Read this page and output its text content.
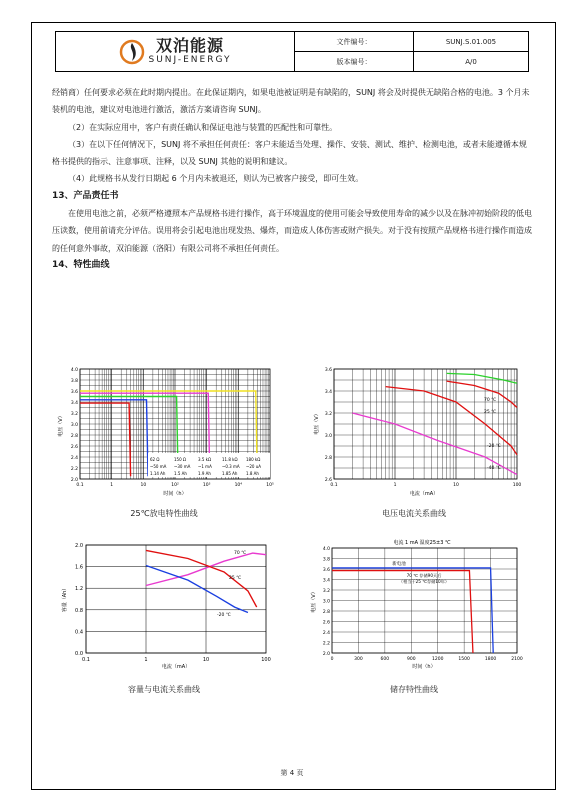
双泊能源
SUNJ-ENERGY	文件编号：	SUNJ.S.01.005
	版本编号：	A/0

经销商）任何要求必须在此时期内提出。在此保证期内，如果电池被证明是有缺陷的，SUNJ 将会及时提供无缺陷合格的电池。3 个月未装机的电池，建议对电池进行激活，激活方案请咨询 SUNJ。

（2）在实际应用中，客户有责任确认和保证电池与装置的匹配性和可靠性。

（3）在以下任何情况下，SUNJ 将不承担任何责任：客户未能适当处理、操作、安装、测试、维护、检测电池，或者未能遵循本规格书提供的指示、注意事项、注释，以及 SUNJ 其他的说明和建议。

（4）此规格书从发行日期起 6 个月内未被退还，则认为已被客户接受，即可生效。

13、产品责任书

在使用电池之前，必须严格遵照本产品规格书进行操作，高于环境温度的使用可能会导致使用寿命的减少以及在脉冲初始阶段的低电压读数，使用前请充分评估。误用将会引起电池出现发热、爆炸，而造成人体伤害或财产损失。对于没有按照产品规格书进行操作而造成的任何意外事故，双泊能源（洛阳）有限公司将不承担任何责任。

14、特性曲线

4.0
3.8
3.6
3.4
3.2
3.0
2.8
2.6
2.4
2.2
2.0
0.1	1	10	10²	10³	10⁴	10⁵
62 Ω	150 Ω	3.5 kΩ	11.8 kΩ 180 kΩ
~50 mA ~30 mA ~1 mA	~0.3 mA ~20 uA
1.14 Ah 1.5 Ah	1.9 Ah	1.85 Ah 1.8 Ah
电压（V）
时间（h）
25℃放电特性曲线
3.6
3.4
3.2
3.0
2.8
2.6
0.1	1	10	100
70 ℃
25 ℃
-20 ℃
-40 ℃
电压（V）
电流（mA）
电压电流关系曲线
2.0
1.6
1.2
0.8
0.4
0.0
0.1	1	10	100
70 ℃
25 ℃
-20 ℃
容量（Ah）
电流（mA）
容量与电流关系曲线
电流 1 mA 温度25±3 ℃
4.0
3.8
3.6
3.4
3.2
3.0
2.8
2.6
2.4
2.2
2.0
0	300	600	900	1200	1500	1800	2100
新电池
70 ℃ 存储90天后
（相当于25 ℃存储10年）
电压（V）
时间（h）
储存特性曲线
第 4 页
